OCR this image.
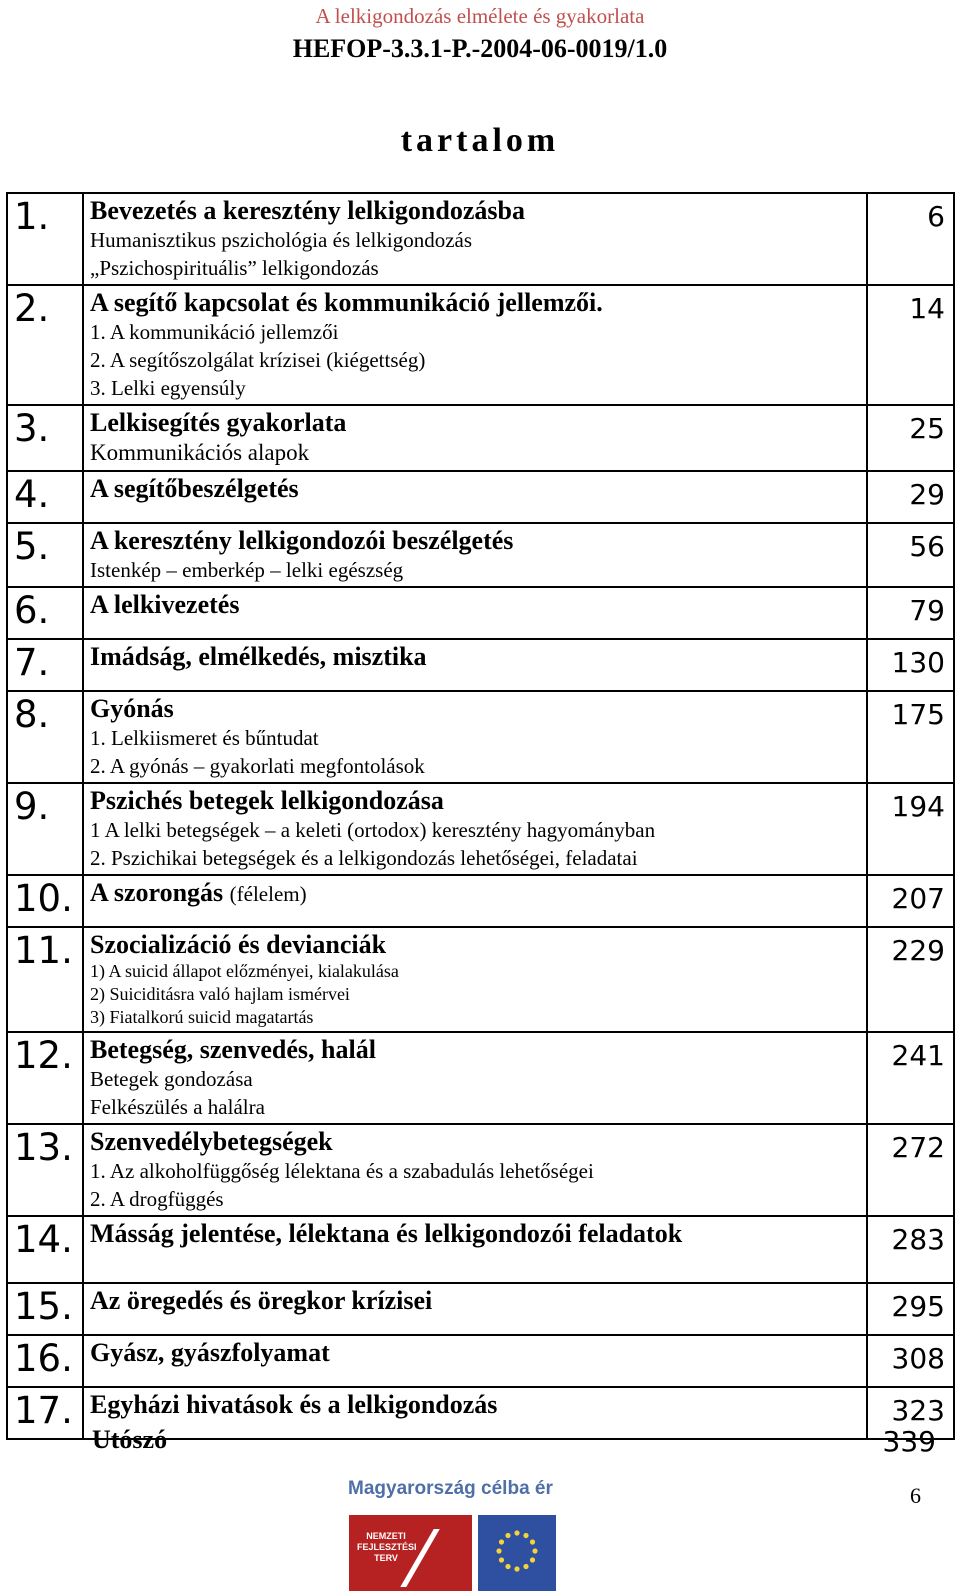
A lelkigondozás elmélete és gyakorlata
HEFOP-3.3.1-P.-2004-06-0019/1.0
tartalom
1.	Bevezetés a keresztény lelkigondozásba
Humanisztikus pszichológia és lelkigondozás
„Pszichospirituális” lelkigondozás	6
2.	A segítő kapcsolat és kommunikáció jellemzői.
1. A kommunikáció jellemzői
2. A segítőszolgálat krízisei (kiégettség)
3. Lelki egyensúly	14
3.	Lelkisegítés gyakorlata
Kommunikációs alapok	25
4.	A segítőbeszélgetés	29
5.	A keresztény lelkigondozói beszélgetés
Istenkép – emberkép – lelki egészség	56
6.	A lelkivezetés	79
7.	Imádság, elmélkedés, misztika	130
8.	Gyónás
1. Lelkiismeret és bűntudat
2. A gyónás – gyakorlati megfontolások	175
9.	Pszichés betegek lelkigondozása
1 A lelki betegségek – a keleti (ortodox) keresztény hagyományban
2. Pszichikai betegségek és a lelkigondozás lehetőségei, feladatai	194
10.	A szorongás (félelem)	207
11.	Szocializáció és devianciák
1) A suicid állapot előzményei, kialakulása
2) Suiciditásra való hajlam ismérvei
3) Fiatalkorú suicid magatartás	229
12.	Betegség, szenvedés, halál
Betegek gondozása
Felkészülés a halálra	241
13.	Szenvedélybetegségek
1. Az alkoholfüggőség lélektana és a szabadulás lehetőségei
2. A drogfüggés	272
14.	Másság jelentése, lélektana és lelkigondozói feladatok	283
15.	Az öregedés és öregkor krízisei	295
16.	Gyász, gyászfolyamat	308
17.	Egyházi hivatások és a lelkigondozás	323
Utószó	339
Magyarország célba ér
NEMZETI FEJLESZTÉSI TERV
6
